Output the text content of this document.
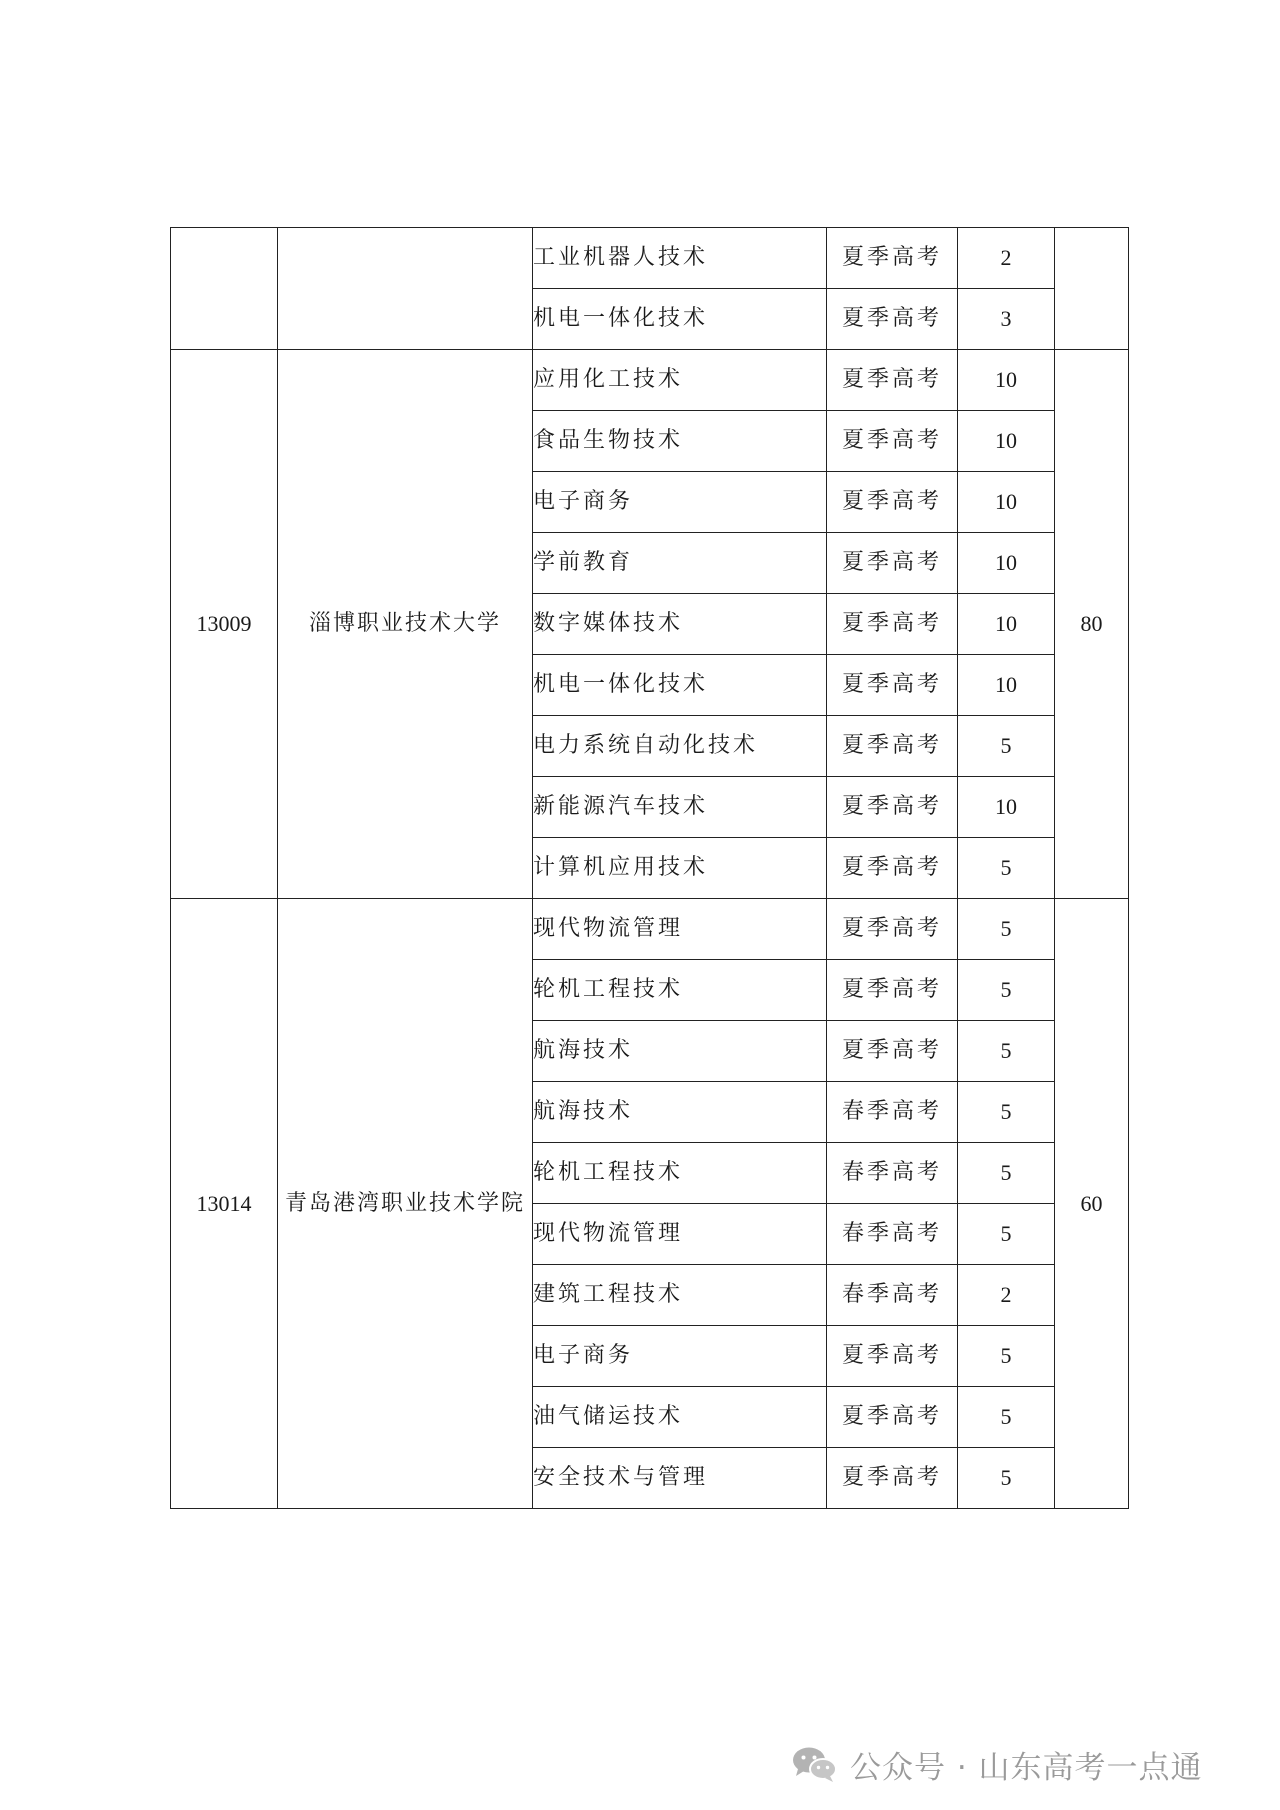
		工业机器人技术	夏季高考	2	
		机电一体化技术	夏季高考	3	
13009	淄博职业技术大学	应用化工技术	夏季高考	10	80
		食品生物技术	夏季高考	10	
		电子商务	夏季高考	10	
		学前教育	夏季高考	10	
		数字媒体技术	夏季高考	10	
		机电一体化技术	夏季高考	10	
		电力系统自动化技术	夏季高考	5	
		新能源汽车技术	夏季高考	10	
		计算机应用技术	夏季高考	5	
13014	青岛港湾职业技术学院	现代物流管理	夏季高考	5	60
		轮机工程技术	夏季高考	5	
		航海技术	夏季高考	5	
		航海技术	春季高考	5	
		轮机工程技术	春季高考	5	
		现代物流管理	春季高考	5	
		建筑工程技术	春季高考	2	
		电子商务	夏季高考	5	
		油气储运技术	夏季高考	5	
		安全技术与管理	夏季高考	5	
公众号 · 山东高考一点通
